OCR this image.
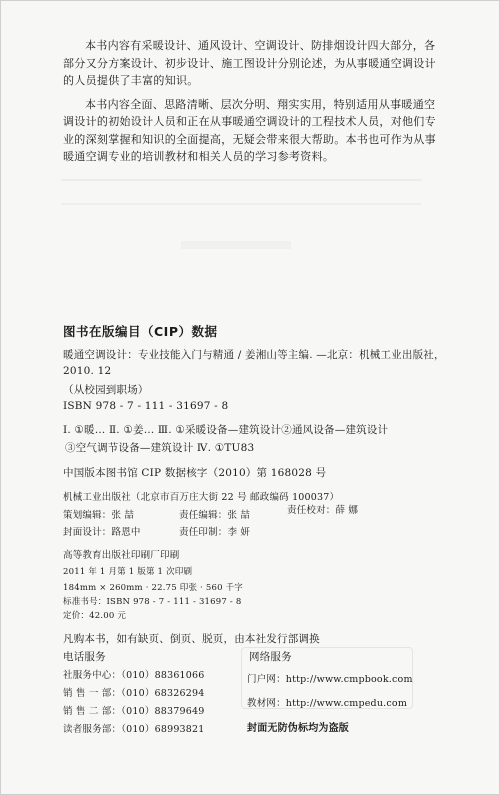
本书内容有采暖设计、通风设计、空调设计、防排烟设计四大部分，各部分又分方案设计、初步设计、施工图设计分别论述，为从事暖通空调设计的人员提供了丰富的知识。

本书内容全面、思路清晰、层次分明、翔实实用，特别适用从事暖通空调设计的初始设计人员和正在从事暖通空调设计的工程技术人员，对他们专业的深刻掌握和知识的全面提高，无疑会带来很大帮助。本书也可作为从事暖通空调专业的培训教材和相关人员的学习参考资料。

图书在版编目（CIP）数据
暖通空调设计：专业技能入门与精通 / 姜湘山等主编. —北京：机械工业出版社，
2010. 12
（从校园到职场）
ISBN 978 - 7 - 111 - 31697 - 8
Ⅰ. ①暖… Ⅱ. ①姜… Ⅲ. ①采暖设备—建筑设计②通风设备—建筑设计
③空气调节设备—建筑设计 Ⅳ. ①TU83
中国版本图书馆 CIP 数据核字（2010）第 168028 号
机械工业出版社（北京市百万庄大街 22 号 邮政编码 100037）
策划编辑：张 喆	责任编辑：张 喆	责任校对：薛 娜
封面设计：路恩中	责任印制：李 妍
高等教育出版社印刷厂印刷
2011 年 1 月第 1 版第 1 次印刷
184mm × 260mm · 22.75 印张 · 560 千字
标准书号：ISBN 978 - 7 - 111 - 31697 - 8
定价：42.00 元
凡购本书，如有缺页、倒页、脱页，由本社发行部调换
电话服务	网络服务
社服务中心：（010）88361066
销 售 一 部：（010）68326294
销 售 二 部：（010）88379649
读者服务部：（010）68993821
门户网：http://www.cmpbook.com
教材网：http://www.cmpedu.com
封面无防伪标均为盗版
